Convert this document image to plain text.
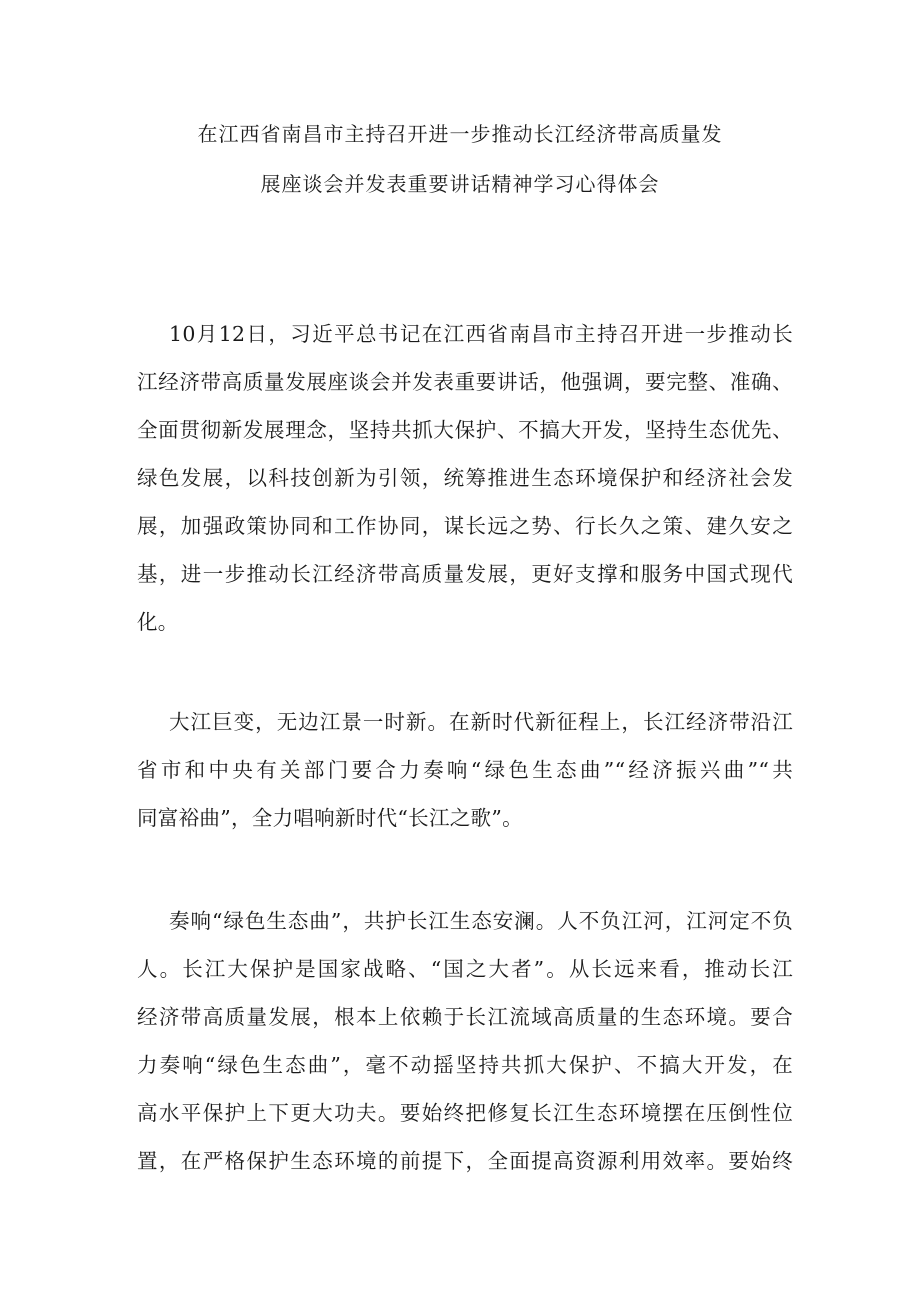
在江西省南昌市主持召开进一步推动长江经济带高质量发
展座谈会并发表重要讲话精神学习心得体会
10月12日，习近平总书记在江西省南昌市主持召开进一步推动长
江经济带高质量发展座谈会并发表重要讲话，他强调，要完整、准确、
全面贯彻新发展理念，坚持共抓大保护、不搞大开发，坚持生态优先、
绿色发展，以科技创新为引领，统筹推进生态环境保护和经济社会发
展，加强政策协同和工作协同，谋长远之势、行长久之策、建久安之
基，进一步推动长江经济带高质量发展，更好支撑和服务中国式现代
化。
大江巨变，无边江景一时新。在新时代新征程上，长江经济带沿江
省市和中央有关部门要合力奏响“绿色生态曲”“经济振兴曲”“共
同富裕曲”，全力唱响新时代“长江之歌”。
奏响“绿色生态曲”，共护长江生态安澜。人不负江河，江河定不负
人。长江大保护是国家战略、“国之大者”。从长远来看，推动长江
经济带高质量发展，根本上依赖于长江流域高质量的生态环境。要合
力奏响“绿色生态曲”，毫不动摇坚持共抓大保护、不搞大开发，在
高水平保护上下更大功夫。要始终把修复长江生态环境摆在压倒性位
置，在严格保护生态环境的前提下，全面提高资源利用效率。要始终
